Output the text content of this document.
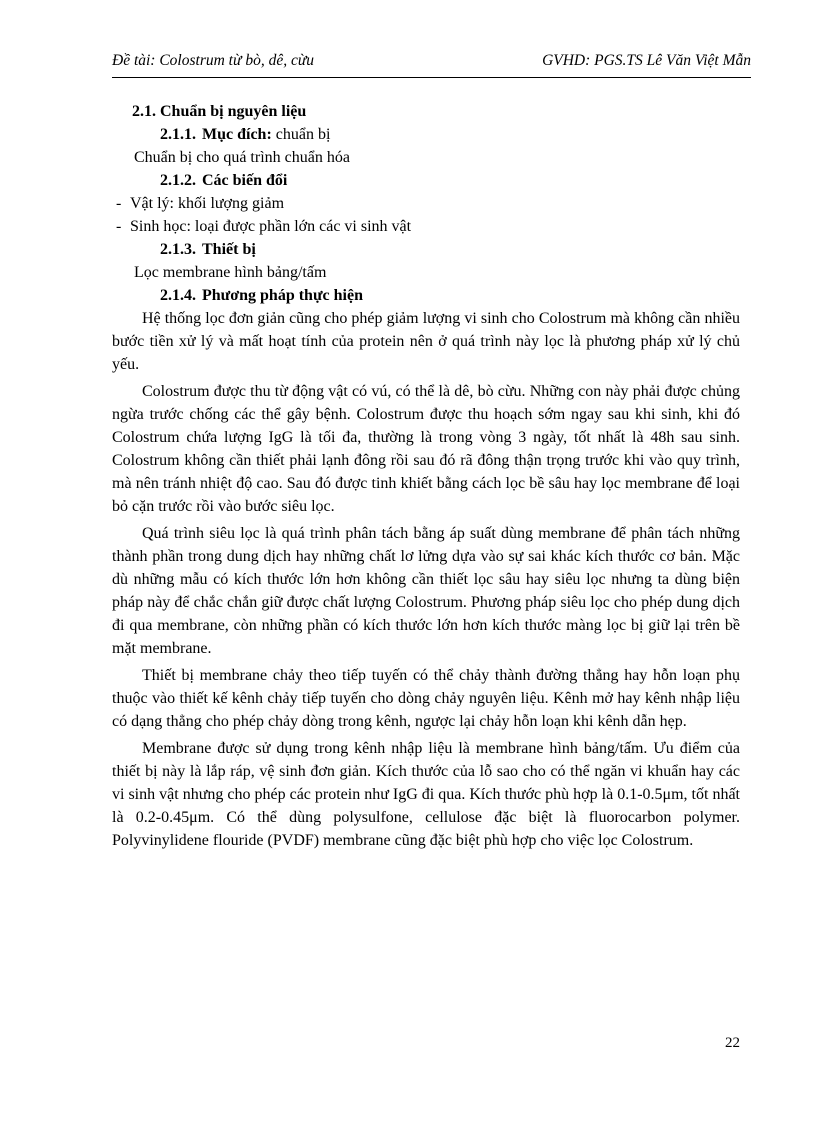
Đề tài: Colostrum từ bò, dê, cừu	GVHD: PGS.TS Lê Văn Việt Mẫn
2.1. Chuẩn bị nguyên liệu
2.1.1. Mục đích: chuẩn bị
Chuẩn bị cho quá trình chuẩn hóa
2.1.2. Các biến đổi
- Vật lý: khối lượng giảm
- Sinh học: loại được phần lớn các vi sinh vật
2.1.3. Thiết bị
Lọc membrane hình bảng/tấm
2.1.4. Phương pháp thực hiện

Hệ thống lọc đơn giản cũng cho phép giảm lượng vi sinh cho Colostrum mà không cần nhiều bước tiền xử lý và mất hoạt tính của protein nên ở quá trình này lọc là phương pháp xử lý chủ yếu.

Colostrum được thu từ động vật có vú, có thể là dê, bò cừu. Những con này phải được chủng ngừa trước chống các thể gây bệnh. Colostrum được thu hoạch sớm ngay sau khi sinh, khi đó Colostrum chứa lượng IgG là tối đa, thường là trong vòng 3 ngày, tốt nhất là 48h sau sinh. Colostrum không cần thiết phải lạnh đông rồi sau đó rã đông thận trọng trước khi vào quy trình, mà nên tránh nhiệt độ cao. Sau đó được tinh khiết bằng cách lọc bề sâu hay lọc membrane để loại bỏ cặn trước rồi vào bước siêu lọc.

Quá trình siêu lọc là quá trình phân tách bằng áp suất dùng membrane để phân tách những thành phần trong dung dịch hay những chất lơ lửng dựa vào sự sai khác kích thước cơ bản. Mặc dù những mẫu có kích thước lớn hơn không cần thiết lọc sâu hay siêu lọc nhưng ta dùng biện pháp này để chắc chắn giữ được chất lượng Colostrum. Phương pháp siêu lọc cho phép dung dịch đi qua membrane, còn những phần có kích thước lớn hơn kích thước màng lọc bị giữ lại trên bề mặt membrane.

Thiết bị membrane chảy theo tiếp tuyến có thể chảy thành đường thẳng hay hỗn loạn phụ thuộc vào thiết kế kênh chảy tiếp tuyến cho dòng chảy nguyên liệu. Kênh mở hay kênh nhập liệu có dạng thẳng cho phép chảy dòng trong kênh, ngược lại chảy hỗn loạn khi kênh dẫn hẹp.

Membrane được sử dụng trong kênh nhập liệu là membrane hình bảng/tấm. Ưu điểm của thiết bị này là lắp ráp, vệ sinh đơn giản. Kích thước của lỗ sao cho có thể ngăn vi khuẩn hay các vi sinh vật nhưng cho phép các protein như IgG đi qua. Kích thước phù hợp là 0.1-0.5μm, tốt nhất là 0.2-0.45μm. Có thể dùng polysulfone, cellulose đặc biệt là fluorocarbon polymer. Polyvinylidene flouride (PVDF) membrane cũng đặc biệt phù hợp cho việc lọc Colostrum.

22
